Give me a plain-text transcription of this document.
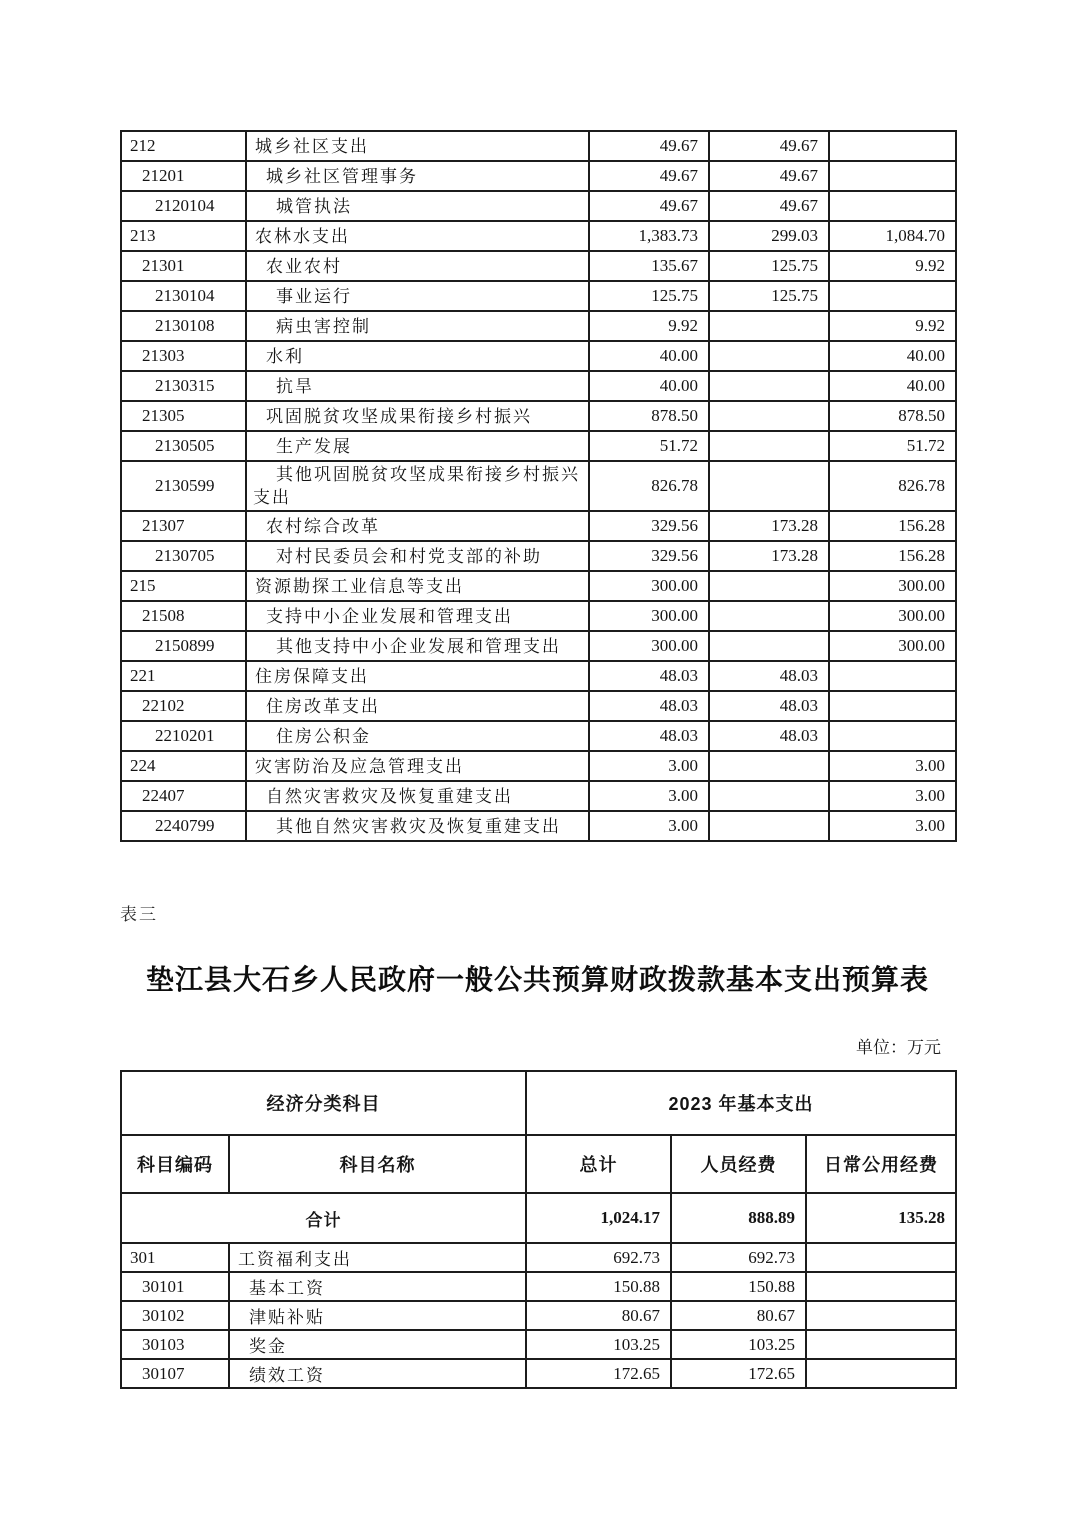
212	城乡社区支出	49.67	49.67	
21201	城乡社区管理事务	49.67	49.67	
2120104	城管执法	49.67	49.67	
213	农林水支出	1,383.73	299.03	1,084.70
21301	农业农村	135.67	125.75	9.92
2130104	事业运行	125.75	125.75	
2130108	病虫害控制	9.92		9.92
21303	水利	40.00		40.00
2130315	抗旱	40.00		40.00
21305	巩固脱贫攻坚成果衔接乡村振兴	878.50		878.50
2130505	生产发展	51.72		51.72
2130599	其他巩固脱贫攻坚成果衔接乡村振兴支出	826.78		826.78
21307	农村综合改革	329.56	173.28	156.28
2130705	对村民委员会和村党支部的补助	329.56	173.28	156.28
215	资源勘探工业信息等支出	300.00		300.00
21508	支持中小企业发展和管理支出	300.00		300.00
2150899	其他支持中小企业发展和管理支出	300.00		300.00
221	住房保障支出	48.03	48.03	
22102	住房改革支出	48.03	48.03	
2210201	住房公积金	48.03	48.03	
224	灾害防治及应急管理支出	3.00		3.00
22407	自然灾害救灾及恢复重建支出	3.00		3.00
2240799	其他自然灾害救灾及恢复重建支出	3.00		3.00
表三
垫江县大石乡人民政府一般公共预算财政拨款基本支出预算表
单位：万元
经济分类科目		2023 年基本支出		
科目编码	科目名称	总计	人员经费	日常公用经费
合计		1,024.17	888.89	135.28
301	工资福利支出	692.73	692.73	
30101	基本工资	150.88	150.88	
30102	津贴补贴	80.67	80.67	
30103	奖金	103.25	103.25	
30107	绩效工资	172.65	172.65	
